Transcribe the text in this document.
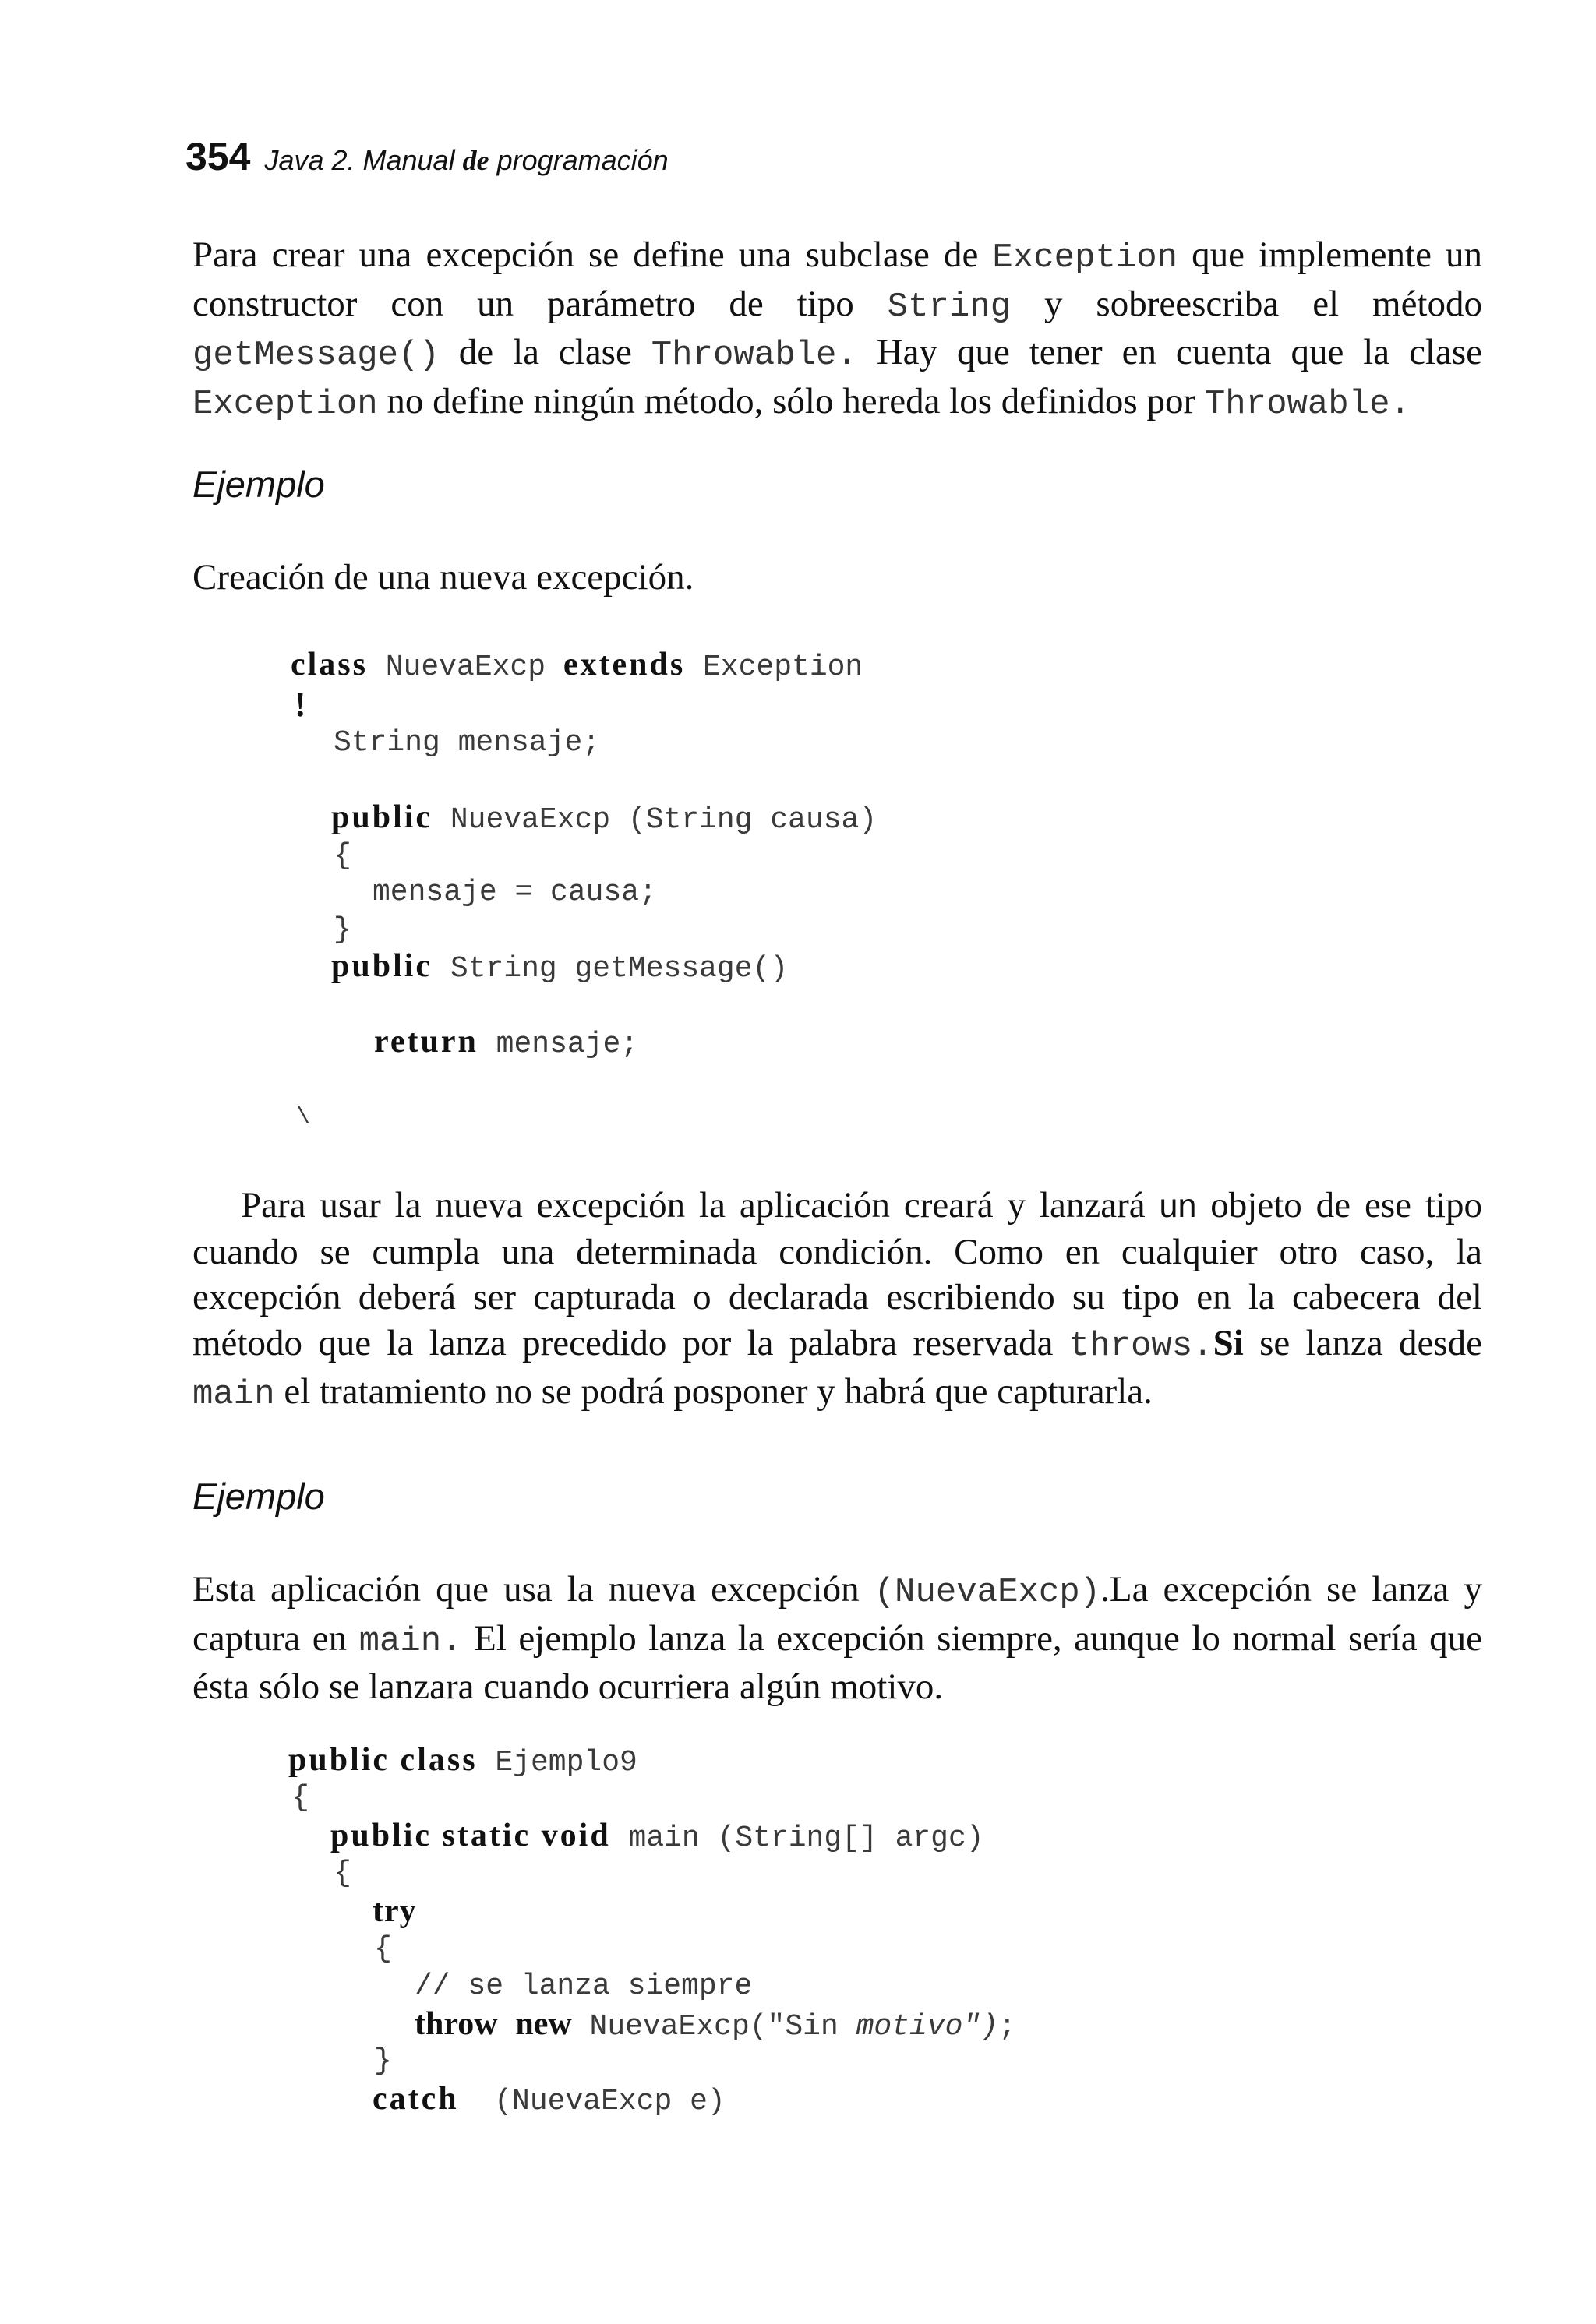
354 Java 2. Manual de programación
Para crear una excepción se define una subclase de Exception que implemente un constructor con un parámetro de tipo String y sobreescriba el método getMessage() de la clase Throwable. Hay que tener en cuenta que la clase Exception no define ningún método, sólo hereda los definidos por Throwable.
Ejemplo
Creación de una nueva excepción.
class NuevaExcp extends Exception
!
String mensaje;
public NuevaExcp (String causa)
{
mensaje = causa;
}
public String getMessage()
return mensaje;
\
Para usar la nueva excepción la aplicación creará y lanzará un objeto de ese tipo cuando se cumpla una determinada condición. Como en cualquier otro caso, la excepción deberá ser capturada o declarada escribiendo su tipo en la cabecera del método que la lanza precedido por la palabra reservada throws.Si se lanza desde main el tratamiento no se podrá posponer y habrá que capturarla.
Ejemplo
Esta aplicación que usa la nueva excepción (NuevaExcp).La excepción se lanza y captura en main. El ejemplo lanza la excepción siempre, aunque lo normal sería que ésta sólo se lanzara cuando ocurriera algún motivo.
public class Ejemplo9
{
public static void main (String[] argc)
{
try
{
// se lanza siempre
throw new NuevaExcp("Sin motivo");
}
catch  (NuevaExcp e)
